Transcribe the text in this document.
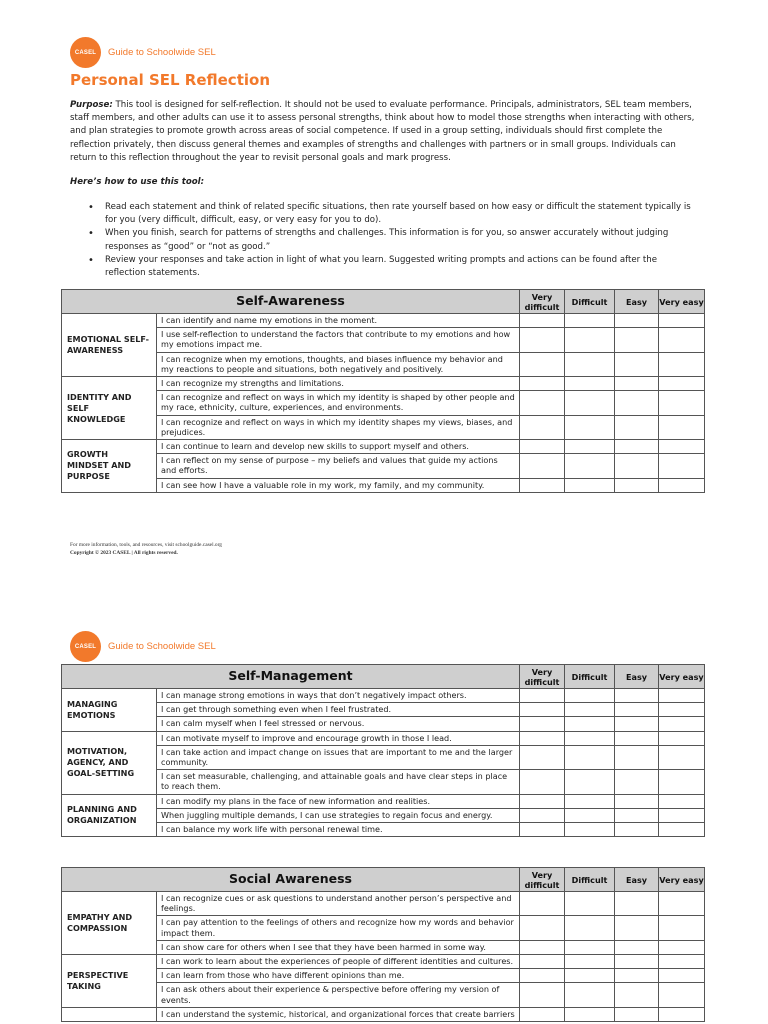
CASEL	Guide to Schoolwide SEL
Personal SEL Reflection

Purpose: This tool is designed for self-reflection. It should not be used to evaluate performance. Principals, administrators, SEL team members, staff members, and other adults can use it to assess personal strengths, think about how to model those strengths when interacting with others, and plan strategies to promote growth across areas of social competence. If used in a group setting, individuals should first complete the reflection privately, then discuss general themes and examples of strengths and challenges with partners or in small groups. Individuals can return to this reflection throughout the year to revisit personal goals and mark progress.

Here’s how to use this tool:
• Read each statement and think of related specific situations, then rate yourself based on how easy or difficult the statement typically is for you (very difficult, difficult, easy, or very easy for you to do).
• When you finish, search for patterns of strengths and challenges. This information is for you, so answer accurately without judging responses as “good” or “not as good.”
• Review your responses and take action in light of what you learn. Suggested writing prompts and actions can be found after the reflection statements.
Self-Awareness		Very difficult	Difficult	Easy	Very easy
EMOTIONAL SELF-AWARENESS	I can identify and name my emotions in the moment.				
	I use self-reflection to understand the factors that contribute to my emotions and how my emotions impact me.				
	I can recognize when my emotions, thoughts, and biases influence my behavior and my reactions to people and situations, both negatively and positively.				
IDENTITY AND SELF KNOWLEDGE	I can recognize my strengths and limitations.				
	I can recognize and reflect on ways in which my identity is shaped by other people and my race, ethnicity, culture, experiences, and environments.				
	I can recognize and reflect on ways in which my identity shapes my views, biases, and prejudices.				
GROWTH MINDSET AND PURPOSE	I can continue to learn and develop new skills to support myself and others.				
	I can reflect on my sense of purpose – my beliefs and values that guide my actions and efforts.				
	I can see how I have a valuable role in my work, my family, and my community.				
For more information, tools, and resources, visit schoolguide.casel.org
Copyright © 2023 CASEL | All rights reserved.
CASEL	Guide to Schoolwide SEL
Self-Management		Very difficult	Difficult	Easy	Very easy
MANAGING EMOTIONS	I can manage strong emotions in ways that don’t negatively impact others.				
	I can get through something even when I feel frustrated.				
	I can calm myself when I feel stressed or nervous.				
MOTIVATION, AGENCY, AND GOAL-SETTING	I can motivate myself to improve and encourage growth in those I lead.				
	I can take action and impact change on issues that are important to me and the larger community.				
	I can set measurable, challenging, and attainable goals and have clear steps in place to reach them.				
PLANNING AND ORGANIZATION	I can modify my plans in the face of new information and realities.				
	When juggling multiple demands, I can use strategies to regain focus and energy.				
	I can balance my work life with personal renewal time.				
Social Awareness		Very difficult	Difficult	Easy	Very easy
EMPATHY AND COMPASSION	I can recognize cues or ask questions to understand another person’s perspective and feelings.				
	I can pay attention to the feelings of others and recognize how my words and behavior impact them.				
	I can show care for others when I see that they have been harmed in some way.				
PERSPECTIVE TAKING	I can work to learn about the experiences of people of different identities and cultures.				
	I can learn from those who have different opinions than me.				
	I can ask others about their experience & perspective before offering my version of events.				
	I can understand the systemic, historical, and organizational forces that create barriers				
